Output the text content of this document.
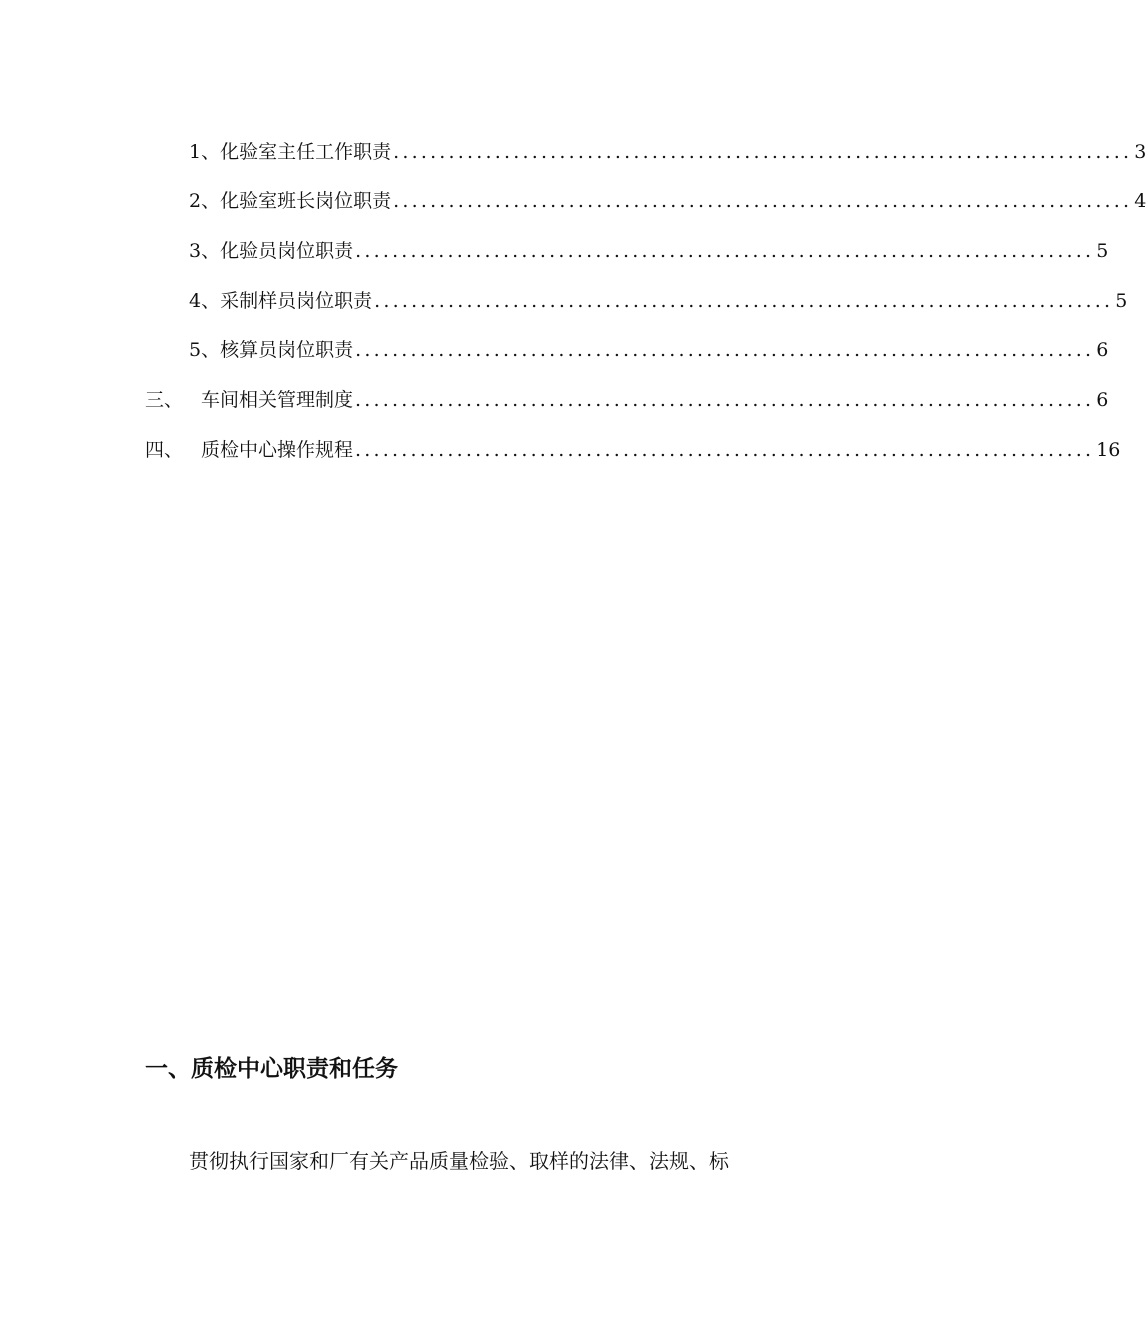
1、 化验室主任工作职责 ................................................................................ 3
2、 化验室班长岗位职责 ................................................................................ 4
3、 化验员岗位职责 ................................................................................ 5
4、 采制样员岗位职责 ................................................................................ 5
5、 核算员岗位职责 ................................................................................ 6
三、 车间相关管理制度 ................................................................................ 6
四、 质检中心操作规程 ................................................................................ 16
一、质检中心职责和任务
贯彻执行国家和厂有关产品质量检验、取样的法律、法规、标
